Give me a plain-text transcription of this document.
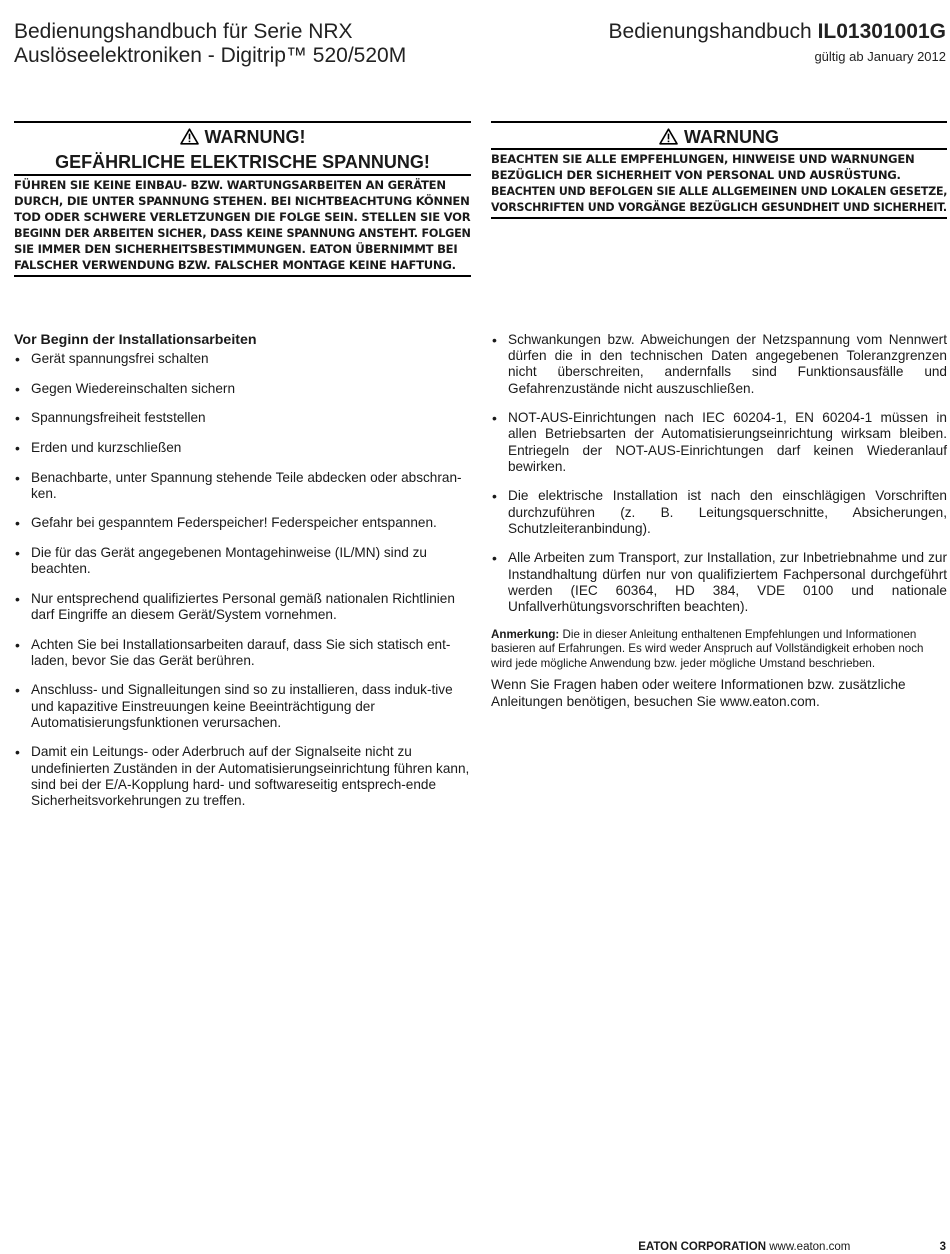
Bedienungshandbuch für Serie NRX
Auslöseelektroniken - Digitrip™ 520/520M
Bedienungshandbuch IL01301001G
gültig ab January 2012
WARNUNG!
GEFÄHRLICHE ELEKTRISCHE SPANNUNG!
FÜHREN SIE KEINE EINBAU- BZW. WARTUNGSARBEITEN AN GERÄTEN
DURCH, DIE UNTER SPANNUNG STEHEN. BEI NICHTBEACHTUNG KÖNNEN
TOD ODER SCHWERE VERLETZUNGEN DIE FOLGE SEIN. STELLEN SIE VOR
BEGINN DER ARBEITEN SICHER, DASS KEINE SPANNUNG ANSTEHT. FOLGEN
SIE IMMER DEN SICHERHEITSBESTIMMUNGEN. EATON ÜBERNIMMT BEI
FALSCHER VERWENDUNG BZW. FALSCHER MONTAGE KEINE HAFTUNG.
WARNUNG
BEACHTEN SIE ALLE EMPFEHLUNGEN, HINWEISE UND WARNUNGEN
BEZÜGLICH DER SICHERHEIT VON PERSONAL UND AUSRÜSTUNG.
BEACHTEN UND BEFOLGEN SIE ALLE ALLGEMEINEN UND LOKALEN GESETZE,
VORSCHRIFTEN UND VORGÄNGE BEZÜGLICH GESUNDHEIT UND SICHERHEIT.
Vor Beginn der Installationsarbeiten
• Gerät spannungsfrei schalten
• Gegen Wiedereinschalten sichern
• Spannungsfreiheit feststellen
• Erden und kurzschließen
• Benachbarte, unter Spannung stehende Teile abdecken oder abschran-ken.
• Gefahr bei gespanntem Federspeicher! Federspeicher entspannen.
• Die für das Gerät angegebenen Montagehinweise (IL/MN) sind zu beachten.
• Nur entsprechend qualifiziertes Personal gemäß nationalen Richtlinien darf Eingriffe an diesem Gerät/System vornehmen.
• Achten Sie bei Installationsarbeiten darauf, dass Sie sich statisch ent-laden, bevor Sie das Gerät berühren.
• Anschluss- und Signalleitungen sind so zu installieren, dass induk-tive und kapazitive Einstreuungen keine Beeinträchtigung der Automatisierungsfunktionen verursachen.
• Damit ein Leitungs- oder Aderbruch auf der Signalseite nicht zu undefinierten Zuständen in der Automatisierungseinrichtung führen kann, sind bei der E/A-Kopplung hard- und softwareseitig entsprech-ende Sicherheitsvorkehrungen zu treffen.
• Schwankungen bzw. Abweichungen der Netzspannung vom Nennwert dürfen die in den technischen Daten angegebenen Toleranzgrenzen nicht überschreiten, andernfalls sind Funktionsausfälle und Gefahrenzustände nicht auszuschließen.
• NOT-AUS-Einrichtungen nach IEC 60204-1, EN 60204-1 müssen in allen Betriebsarten der Automatisierungseinrichtung wirksam bleiben. Entriegeln der NOT-AUS-Einrichtungen darf keinen Wiederanlauf bewirken.
• Die elektrische Installation ist nach den einschlägigen Vorschriften durchzuführen (z. B. Leitungsquerschnitte, Absicherungen, Schutzleiteranbindung).
• Alle Arbeiten zum Transport, zur Installation, zur Inbetriebnahme und zur Instandhaltung dürfen nur von qualifiziertem Fachpersonal durchgeführt werden (IEC 60364, HD 384, VDE 0100 und nationale Unfallverhütungsvorschriften beachten).
Anmerkung: Die in dieser Anleitung enthaltenen Empfehlungen und Informationen basieren auf Erfahrungen. Es wird weder Anspruch auf Vollständigkeit erhoben noch wird jede mögliche Anwendung bzw. jeder mögliche Umstand beschrieben.
Wenn Sie Fragen haben oder weitere Informationen bzw. zusätzliche Anleitungen benötigen, besuchen Sie www.eaton.com.
EATON CORPORATION www.eaton.com	3
